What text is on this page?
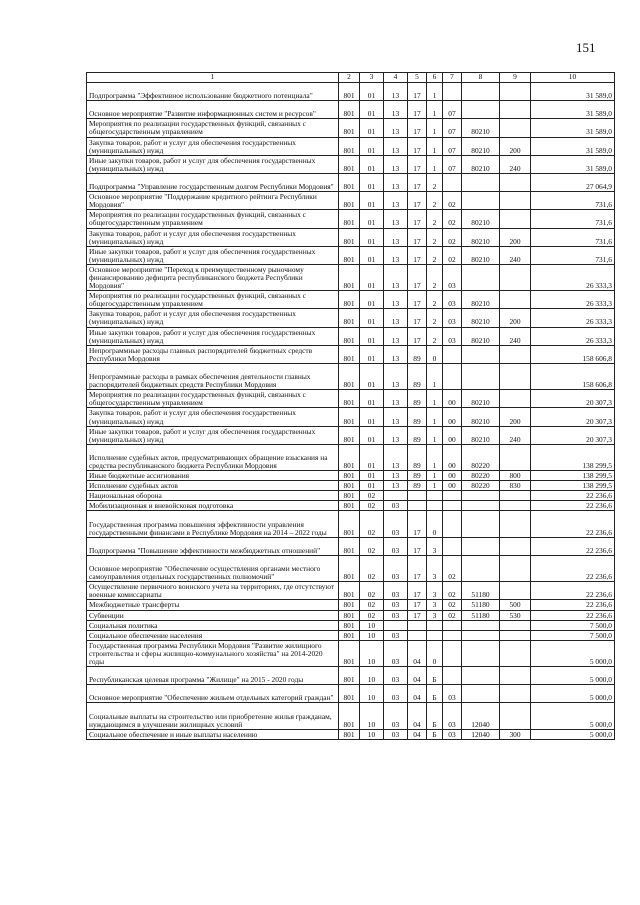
151
1	2	3	4	5	6	7	8	9	10
Подпрограмма "Эффективное использование бюджетного потенциала"	801	01	13	17	1				31 589,0
Основное мероприятие "Развитие информационных систем и ресурсов"	801	01	13	17	1	07			31 589,0
Мероприятия по реализации государственных функций, связанных с общегосударственным управлением	801	01	13	17	1	07	80210		31 589,0
Закупка товаров, работ и услуг для обеспечения государственных (муниципальных) нужд	801	01	13	17	1	07	80210	200	31 589,0
Иные закупки товаров, работ и услуг для обеспечения государственных (муниципальных) нужд	801	01	13	17	1	07	80210	240	31 589,0
Подпрограмма "Управление государственным долгом Республики Мордовия"	801	01	13	17	2				27 064,9
Основное мероприятие "Поддержание кредитного рейтинга Республики Мордовия"	801	01	13	17	2	02			731,6
Мероприятия по реализации государственных функций, связанных с общегосударственным управлением	801	01	13	17	2	02	80210		731,6
Закупка товаров, работ и услуг для обеспечения государственных (муниципальных) нужд	801	01	13	17	2	02	80210	200	731,6
Иные закупки товаров, работ и услуг для обеспечения государственных (муниципальных) нужд	801	01	13	17	2	02	80210	240	731,6
Основное мероприятие "Переход к преимущественному рыночному финансированию дефицита республиканского бюджета Республики Мордовия"	801	01	13	17	2	03			26 333,3
Мероприятия по реализации государственных функций, связанных с общегосударственным управлением	801	01	13	17	2	03	80210		26 333,3
Закупка товаров, работ и услуг для обеспечения государственных (муниципальных) нужд	801	01	13	17	2	03	80210	200	26 333,3
Иные закупки товаров, работ и услуг для обеспечения государственных (муниципальных) нужд	801	01	13	17	2	03	80210	240	26 333,3
Непрограммные расходы главных распорядителей бюджетных средств Республики Мордовия	801	01	13	89	0				158 606,8
Непрограммные расходы в рамках обеспечения деятельности главных распорядителей бюджетных средств Республики Мордовия	801	01	13	89	1				158 606,8
Мероприятия по реализации государственных функций, связанных с общегосударственным управлением	801	01	13	89	1	00	80210		20 307,3
Закупка товаров, работ и услуг для обеспечения государственных (муниципальных) нужд	801	01	13	89	1	00	80210	200	20 307,3
Иные закупки товаров, работ и услуг для обеспечения государственных (муниципальных) нужд	801	01	13	89	1	00	80210	240	20 307,3
Исполнение судебных актов, предусматривающих обращение взыскания на средства республиканского бюджета Республики Мордовия	801	01	13	89	1	00	80220		138 299,5
Иные бюджетные ассигнования	801	01	13	89	1	00	80220	800	138 299,5
Исполнение судебных актов	801	01	13	89	1	00	80220	830	138 299,5
Национальная оборона	801	02							22 236,6
Мобилизационная и вневойсковая подготовка	801	02	03						22 236,6
Государственная программа повышения эффективности управления государственными финансами в Республике Мордовия на 2014 – 2022 годы	801	02	03	17	0				22 236,6
Подпрограмма "Повышение эффективности межбюджетных отношений"	801	02	03	17	3				22 236,6
Основное мероприятие "Обеспечение осуществления органами местного самоуправления отдельных государственных полномочий"	801	02	03	17	3	02			22 236,6
Осуществление первичного воинского учета на территориях, где отсутствуют военные комиссариаты	801	02	03	17	3	02	51180		22 236,6
Межбюджетные трансферты	801	02	03	17	3	02	51180	500	22 236,6
Субвенции	801	02	03	17	3	02	51180	530	22 236,6
Социальная политика	801	10							7 500,0
Социальное обеспечение населения	801	10	03						7 500,0
Государственная программа Республики Мордовия "Развитие жилищного строительства и сферы жилищно-коммунального хозяйства" на 2014-2020 годы	801	10	03	04	0				5 000,0
Республиканская целевая программа "Жилище" на 2015 - 2020 годы	801	10	03	04	Б				5 000,0
Основное мероприятие "Обеспечение жильем отдельных категорий граждан"	801	10	03	04	Б	03			5 000,0
Социальные выплаты на строительство или приобретение жилья гражданам, нуждающимся в улучшении жилищных условий	801	10	03	04	Б	03	12040		5 000,0
Социальное обеспечение и иные выплаты населению	801	10	03	04	Б	03	12040	300	5 000,0
